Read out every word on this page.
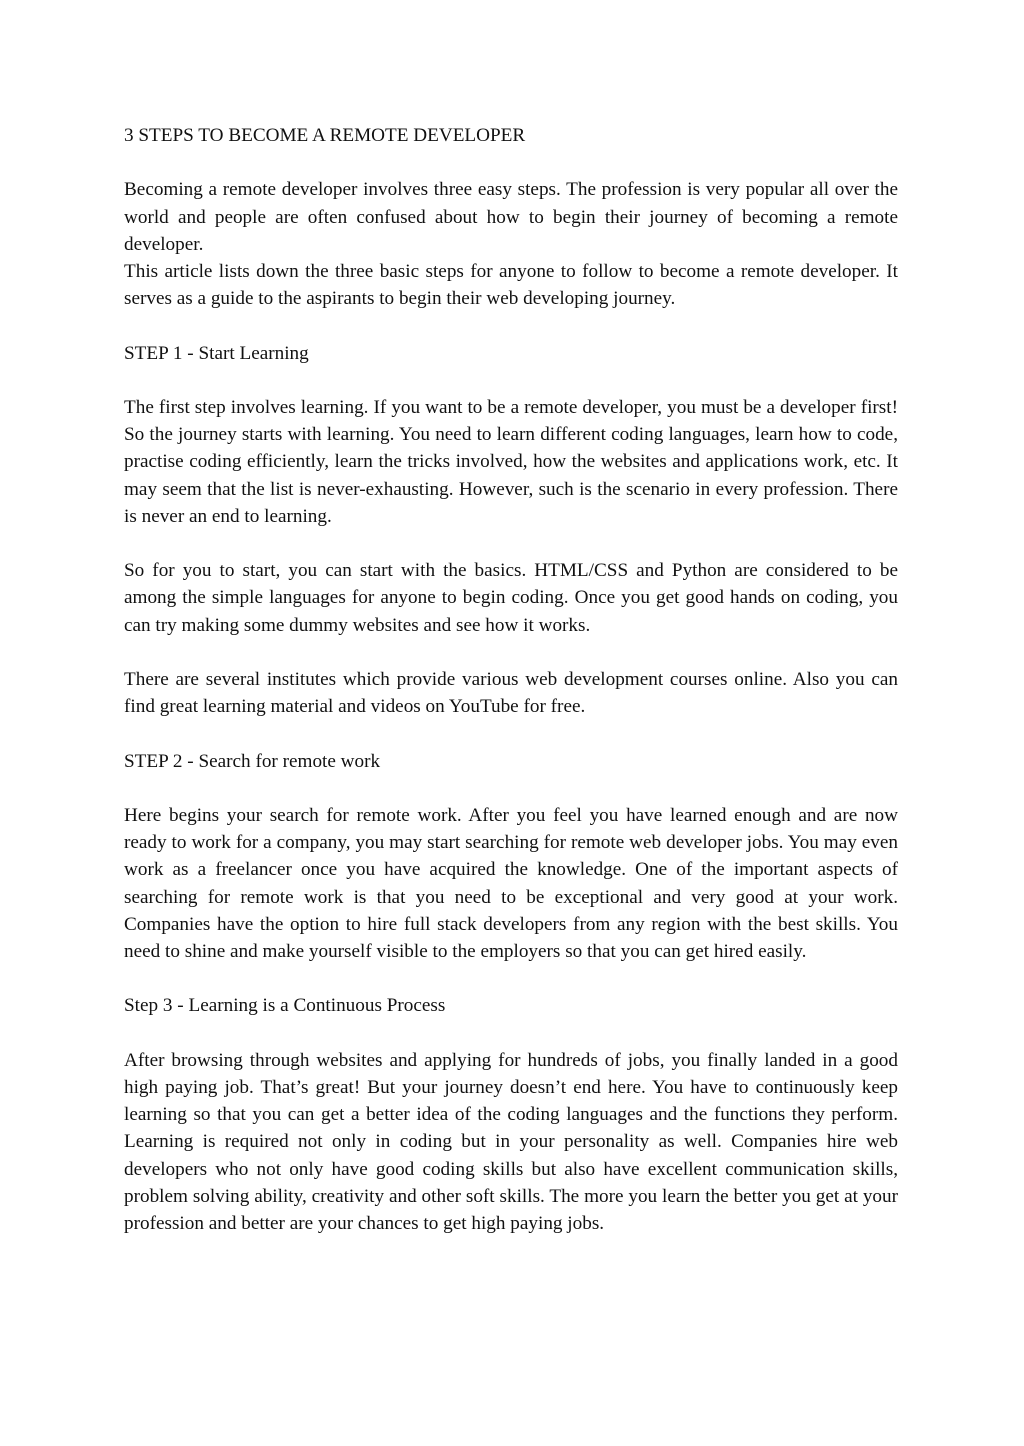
3 STEPS TO BECOME A REMOTE DEVELOPER

Becoming a remote developer involves three easy steps. The profession is very popular all over the world and people are often confused about how to begin their journey of becoming a remote developer.

This article lists down the three basic steps for anyone to follow to become a remote developer. It serves as a guide to the aspirants to begin their web developing journey.

STEP 1 - Start Learning

The first step involves learning. If you want to be a remote developer, you must be a developer first! So the journey starts with learning. You need to learn different coding languages, learn how to code, practise coding efficiently, learn the tricks involved, how the websites and applications work, etc. It may seem that the list is never-exhausting. However, such is the scenario in every profession. There is never an end to learning.

So for you to start, you can start with the basics. HTML/CSS and Python are considered to be among the simple languages for anyone to begin coding. Once you get good hands on coding, you can try making some dummy websites and see how it works.

There are several institutes which provide various web development courses online. Also you can find great learning material and videos on YouTube for free.

STEP 2 - Search for remote work

Here begins your search for remote work. After you feel you have learned enough and are now ready to work for a company, you may start searching for remote web developer jobs. You may even work as a freelancer once you have acquired the knowledge. One of the important aspects of searching for remote work is that you need to be exceptional and very good at your work. Companies have the option to hire full stack developers from any region with the best skills. You need to shine and make yourself visible to the employers so that you can get hired easily.

Step 3 - Learning is a Continuous Process

After browsing through websites and applying for hundreds of jobs, you finally landed in a good high paying job. That’s great! But your journey doesn’t end here. You have to continuously keep learning so that you can get a better idea of the coding languages and the functions they perform. Learning is required not only in coding but in your personality as well. Companies hire web developers who not only have good coding skills but also have excellent communication skills, problem solving ability, creativity and other soft skills. The more you learn the better you get at your profession and better are your chances to get high paying jobs.
